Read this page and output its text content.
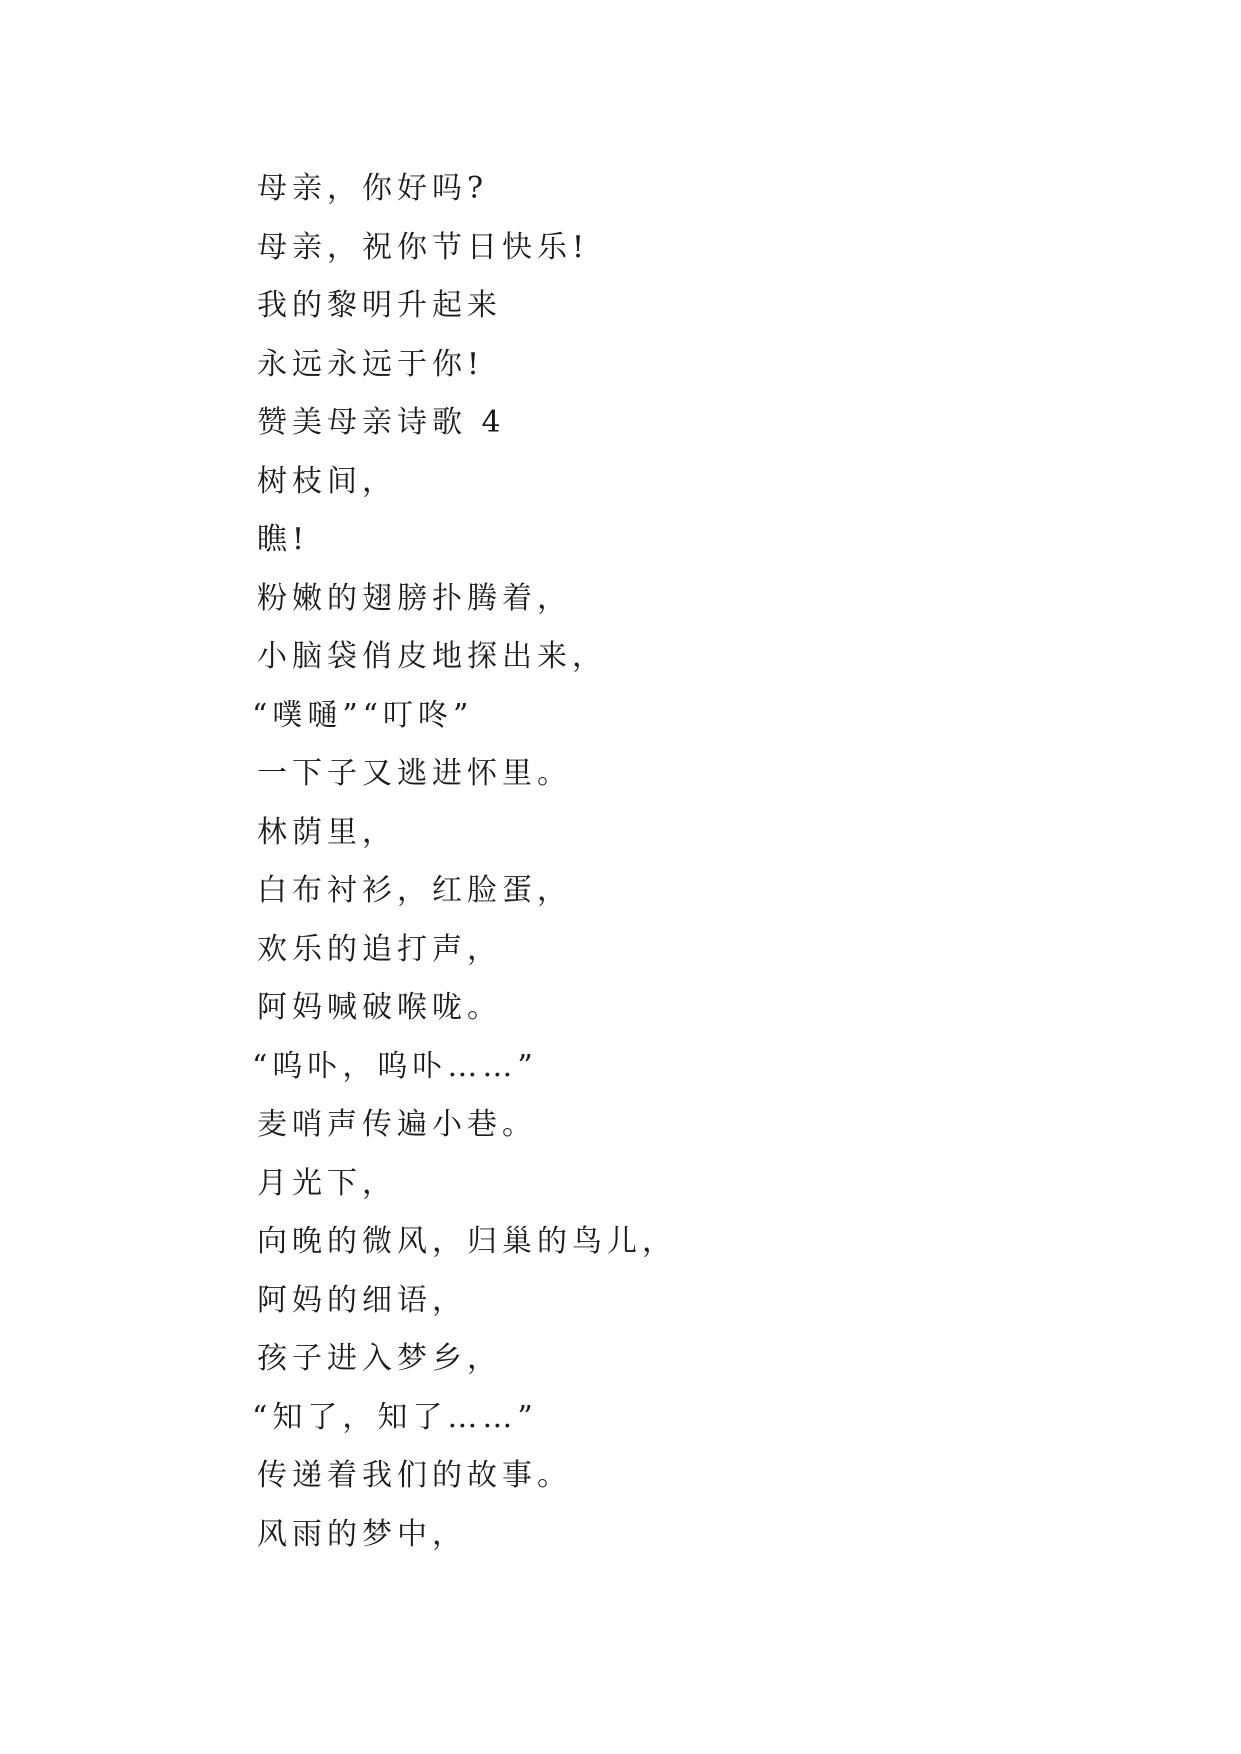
母亲，你好吗?
母亲，祝你节日快乐!
我的黎明升起来
永远永远于你!
赞美母亲诗歌 4
树枝间，
瞧!
粉嫩的翅膀扑腾着，
小脑袋俏皮地探出来，
“噗嗵”“叮咚”
一下子又逃进怀里。
林荫里，
白布衬衫，红脸蛋，
欢乐的追打声，
阿妈喊破喉咙。
“呜卟，呜卟……”
麦哨声传遍小巷。
月光下，
向晚的微风，归巢的鸟儿，
阿妈的细语，
孩子进入梦乡，
“知了，知了……”
传递着我们的故事。
风雨的梦中，
